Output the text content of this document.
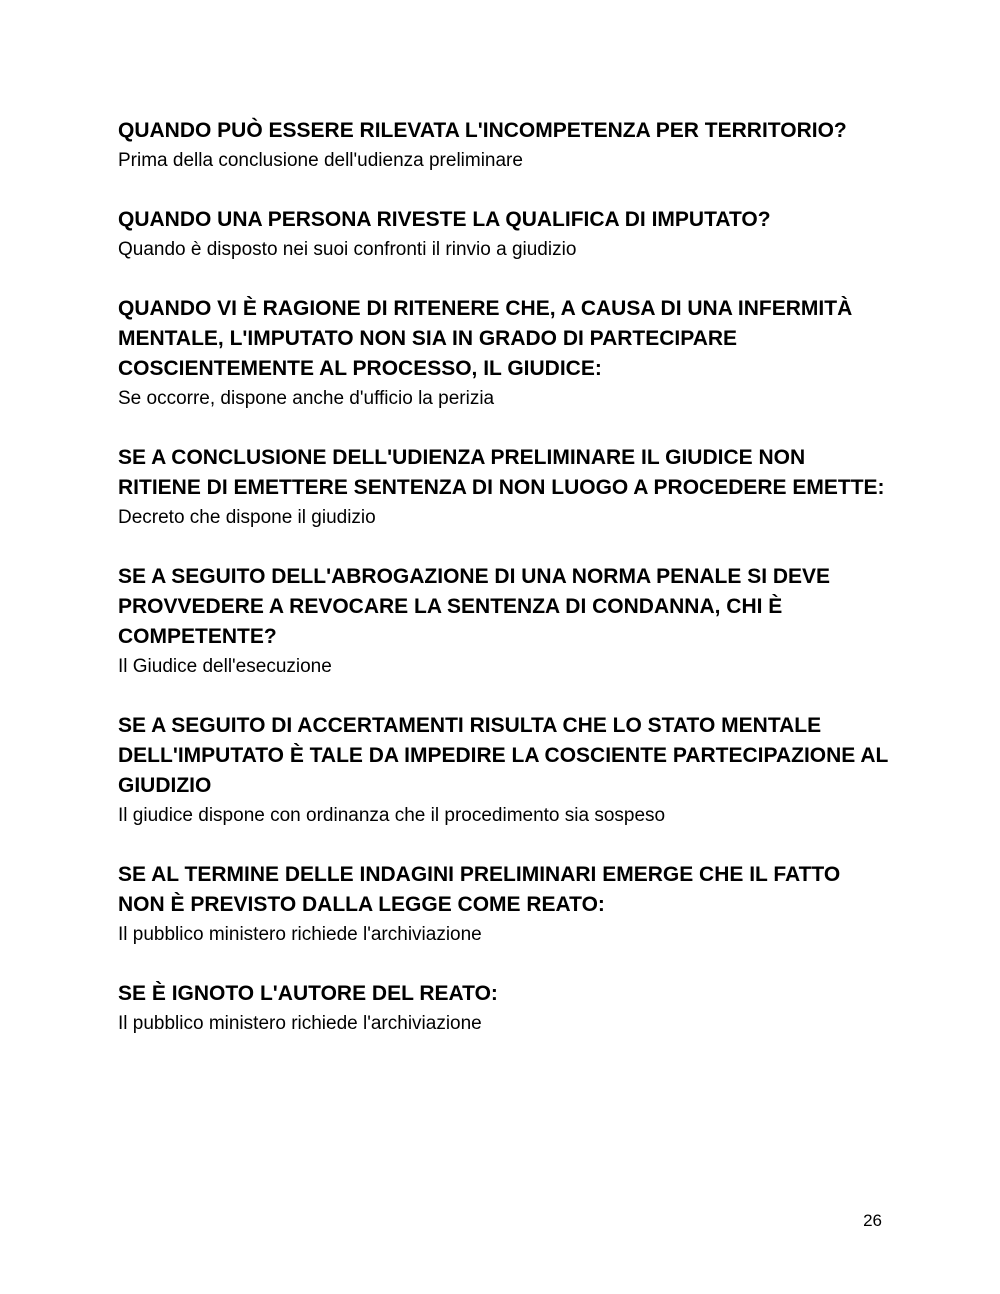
QUANDO PUÒ ESSERE RILEVATA L'INCOMPETENZA PER TERRITORIO?

Prima della conclusione dell'udienza preliminare

QUANDO UNA PERSONA RIVESTE LA QUALIFICA DI IMPUTATO?

Quando è disposto nei suoi confronti il rinvio a giudizio

QUANDO VI È RAGIONE DI RITENERE CHE, A CAUSA DI UNA INFERMITÀ MENTALE, L'IMPUTATO NON SIA IN GRADO DI PARTECIPARE COSCIENTEMENTE AL PROCESSO, IL GIUDICE:

Se occorre, dispone anche d'ufficio la perizia

SE A CONCLUSIONE DELL'UDIENZA PRELIMINARE IL GIUDICE NON RITIENE DI EMETTERE SENTENZA DI NON LUOGO A PROCEDERE EMETTE:

Decreto che dispone il giudizio

SE A SEGUITO DELL'ABROGAZIONE DI UNA NORMA PENALE SI DEVE PROVVEDERE A REVOCARE LA SENTENZA DI CONDANNA, CHI È COMPETENTE?

Il Giudice dell'esecuzione

SE A SEGUITO DI ACCERTAMENTI RISULTA CHE LO STATO MENTALE DELL'IMPUTATO È TALE DA IMPEDIRE LA COSCIENTE PARTECIPAZIONE AL GIUDIZIO

Il giudice dispone con ordinanza che il procedimento sia sospeso

SE AL TERMINE DELLE INDAGINI PRELIMINARI EMERGE CHE IL FATTO NON È PREVISTO DALLA LEGGE COME REATO:

Il pubblico ministero richiede l'archiviazione

SE È IGNOTO L'AUTORE DEL REATO:

Il pubblico ministero richiede l'archiviazione

26
